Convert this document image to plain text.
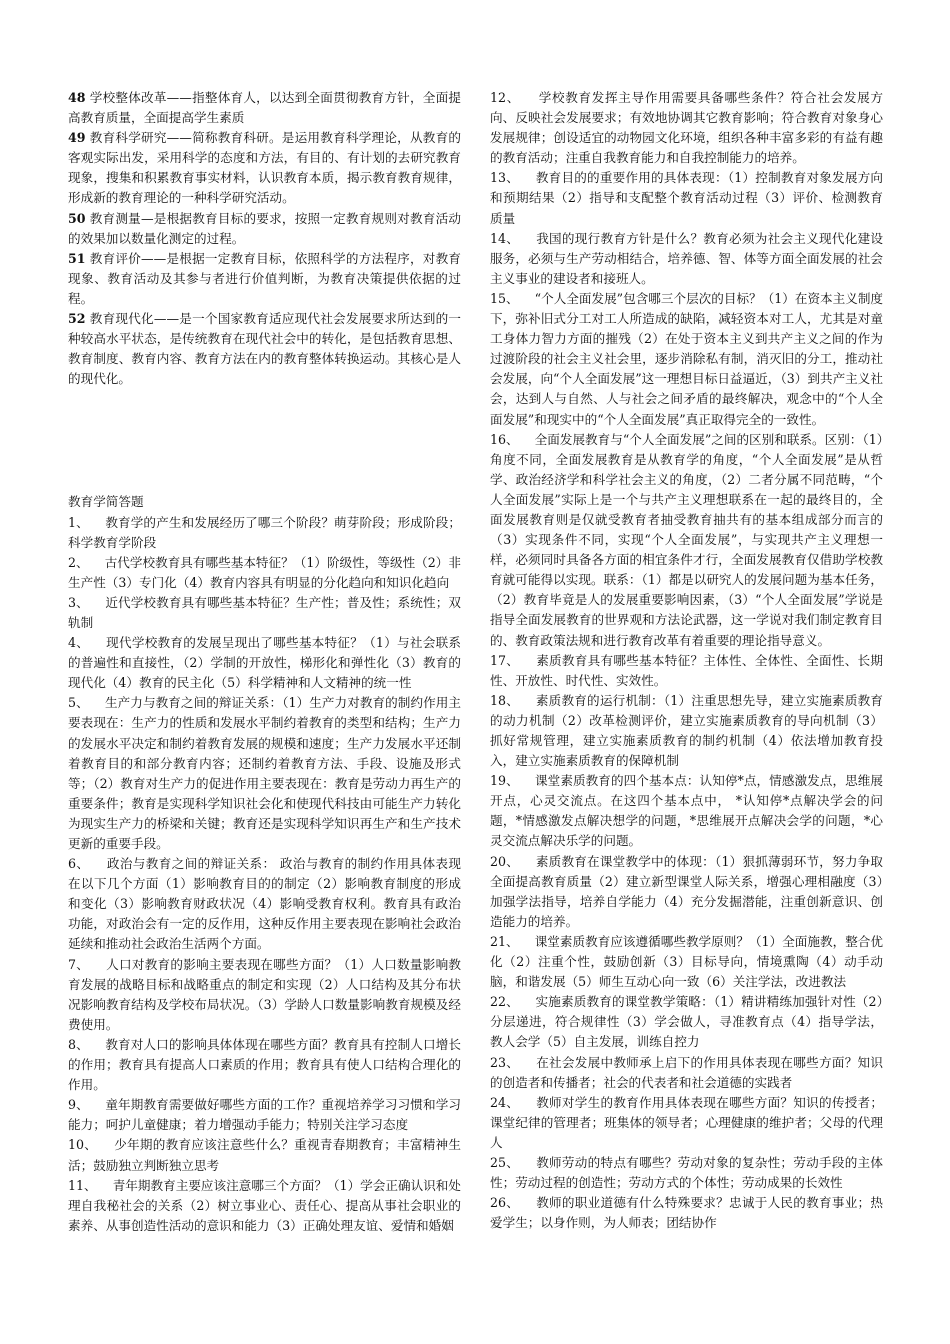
48 学校整体改革——指整体育人，以达到全面贯彻教育方针，全面提高教育质量，全面提高学生素质

49 教育科学研究——简称教育科研。是运用教育科学理论，从教育的客观实际出发，采用科学的态度和方法，有目的、有计划的去研究教育现象，搜集和积累教育事实材料，认识教育本质，揭示教育教育规律，形成新的教育理论的一种科学研究活动。

50 教育测量—是根据教育目标的要求，按照一定教育规则对教育活动的效果加以数量化测定的过程。

51 教育评价——是根据一定教育目标，依照科学的方法程序，对教育现象、教育活动及其参与者进行价值判断，为教育决策提供依据的过程。

52 教育现代化——是一个国家教育适应现代社会发展要求所达到的一种较高水平状态，是传统教育在现代社会中的转化，是包括教育思想、教育制度、教育内容、教育方法在内的教育整体转换运动。其核心是人的现代化。

教育学简答题

1、 教育学的产生和发展经历了哪三个阶段？萌芽阶段；形成阶段；科学教育学阶段

2、 古代学校教育具有哪些基本特征？（1）阶级性，等级性（2）非生产性（3）专门化（4）教育内容具有明显的分化趋向和知识化趋向

3、 近代学校教育具有哪些基本特征？生产性；普及性；系统性；双轨制

4、 现代学校教育的发展呈现出了哪些基本特征？（1）与社会联系的普遍性和直接性，（2）学制的开放性，梯形化和弹性化（3）教育的现代化（4）教育的民主化（5）科学精神和人文精神的统一性

5、 生产力与教育之间的辩证关系：（1）生产力对教育的制约作用主要表现在：生产力的性质和发展水平制约着教育的类型和结构；生产力的发展水平决定和制约着教育发展的规模和速度；生产力发展水平还制着教育目的和部分教育内容；还制约着教育方法、手段、设施及形式等；（2）教育对生产力的促进作用主要表现在：教育是劳动力再生产的重要条件；教育是实现科学知识社会化和使现代科技由可能生产力转化为现实生产力的桥梁和关键；教育还是实现科学知识再生产和生产技术更新的重要手段。

6、 政治与教育之间的辩证关系： 政治与教育的制约作用具体表现在以下几个方面（1）影响教育目的的制定（2）影响教育制度的形成和变化（3）影响教育财政状况（4）影响受教育权利。教育具有政治功能，对政治会有一定的反作用，这种反作用主要表现在影响社会政治延续和推动社会政治生活两个方面。

7、 人口对教育的影响主要表现在哪些方面？（1）人口数量影响教育发展的战略目标和战略重点的制定和实现（2）人口结构及其分布状况影响教育结构及学校布局状况。（3）学龄人口数量影响教育规模及经费使用。

8、 教育对人口的影响具体体现在哪些方面？教育具有控制人口增长的作用；教育具有提高人口素质的作用；教育具有使人口结构合理化的作用。

9、 童年期教育需要做好哪些方面的工作？重视培养学习习惯和学习能力；呵护儿童健康；着力增强动手能力；特别关注学习态度

10、 少年期的教育应该注意些什么？重视青春期教育；丰富精神生活；鼓励独立判断独立思考

11、 青年期教育主要应该注意哪三个方面？（1）学会正确认识和处理自我秘社会的关系（2）树立事业心、责任心、提高从事社会职业的素养、从事创造性活动的意识和能力（3）正确处理友谊、爱情和婚姻

12、 学校教育发挥主导作用需要具备哪些条件？符合社会发展方向、反映社会发展要求；有效地协调其它教育影响；符合教育对象身心发展规律；创设适宜的动物园文化环境，组织各种丰富多彩的有益有趣的教育活动；注重自我教育能力和自我控制能力的培养。

13、 教育目的的重要作用的具体表现：（1）控制教育对象发展方向和预期结果（2）指导和支配整个教育活动过程（3）评价、检测教育质量

14、 我国的现行教育方针是什么？教育必须为社会主义现代化建设服务，必须与生产劳动相结合，培养德、智、体等方面全面发展的社会主义事业的建设者和接班人。

15、 “个人全面发展”包含哪三个层次的目标？（1）在资本主义制度下，弥补旧式分工对工人所造成的缺陷，减轻资本对工人，尤其是对童工身体力智力方面的摧残（2）在处于资本主义到共产主义之间的作为过渡阶段的社会主义社会里，逐步消除私有制，消灭旧的分工，推动社会发展，向“个人全面发展”这一理想目标日益逼近，（3）到共产主义社会，达到人与自然、人与社会之间矛盾的最终解决，观念中的“个人全面发展”和现实中的“个人全面发展”真正取得完全的一致性。

16、 全面发展教育与“个人全面发展”之间的区别和联系。区别：（1）角度不同，全面发展教育是从教育学的角度，“个人全面发展”是从哲学、政治经济学和科学社会主义的角度，（2）二者分属不同范畴，“个人全面发展”实际上是一个与共产主义理想联系在一起的最终目的，全面发展教育则是仅就受教育者抽受教育抽共有的基本组成部分而言的（3）实现条件不同，实现“个人全面发展”，与实现共产主义理想一样，必须同时具备各方面的相宜条件才行，全面发展教育仅借助学校教育就可能得以实现。联系：（1）都是以研究人的发展问题为基本任务，（2）教育毕竟是人的发展重要影响因素，（3）“个人全面发展”学说是指导全面发展教育的世界观和方法论武器，这一学说对我们制定教育目的、教育政策法规和进行教育改革有着重要的理论指导意义。

17、 素质教育具有哪些基本特征？主体性、全体性、全面性、长期性、开放性、时代性、实效性。

18、 素质教育的运行机制：（1）注重思想先导，建立实施素质教育的动力机制（2）改革检测评价，建立实施素质教育的导向机制（3）抓好常规管理，建立实施素质教育的制约机制（4）依法增加教育投入，建立实施素质教育的保障机制

19、 课堂素质教育的四个基本点：认知停*点，情感激发点，思维展开点，心灵交流点。在这四个基本点中， *认知停*点解决学会的问题，*情感激发点解决想学的问题，*思维展开点解决会学的问题，*心灵交流点解决乐学的问题。

20、 素质教育在课堂教学中的体现：（1）狠抓薄弱环节，努力争取全面提高教育质量（2）建立新型课堂人际关系，增强心理相融度（3）加强学法指导，培养自学能力（4）充分发掘潜能，注重创新意识、创造能力的培养。

21、 课堂素质教育应该遵循哪些教学原则？（1）全面施教，整合优化（2）注重个性，鼓励创新（3）目标导向，情境熏陶（4）动手动脑，和谐发展（5）师生互动心向一致（6）关注学法，改进教法

22、 实施素质教育的课堂教学策略：（1）精讲精练加强针对性（2）分层递进，符合规律性（3）学会做人，寻准教育点（4）指导学法，教人会学（5）自主发展，训练自控力

23、 在社会发展中教师承上启下的作用具体表现在哪些方面？知识的创造者和传播者；社会的代表者和社会道德的实践者

24、 教师对学生的教育作用具体表现在哪些方面？知识的传授者；课堂纪律的管理者；班集体的领导者；心理健康的维护者；父母的代理人

25、 教师劳动的特点有哪些？劳动对象的复杂性；劳动手段的主体性；劳动过程的创造性；劳动方式的个体性；劳动成果的长效性

26、 教师的职业道德有什么特殊要求？忠诚于人民的教育事业；热爱学生；以身作则，为人师表；团结协作
